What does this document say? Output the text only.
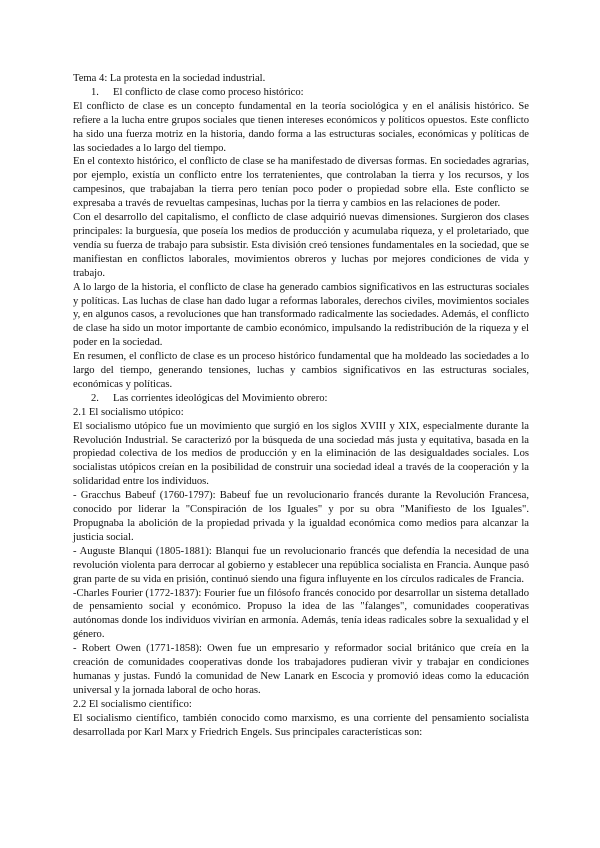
Tema 4: La protesta en la sociedad industrial.
1. El conflicto de clase como proceso histórico:
El conflicto de clase es un concepto fundamental en la teoría sociológica y en el análisis histórico. Se refiere a la lucha entre grupos sociales que tienen intereses económicos y políticos opuestos. Este conflicto ha sido una fuerza motriz en la historia, dando forma a las estructuras sociales, económicas y políticas de las sociedades a lo largo del tiempo.
En el contexto histórico, el conflicto de clase se ha manifestado de diversas formas. En sociedades agrarias, por ejemplo, existía un conflicto entre los terratenientes, que controlaban la tierra y los recursos, y los campesinos, que trabajaban la tierra pero tenían poco poder o propiedad sobre ella. Este conflicto se expresaba a través de revueltas campesinas, luchas por la tierra y cambios en las relaciones de poder.
Con el desarrollo del capitalismo, el conflicto de clase adquirió nuevas dimensiones. Surgieron dos clases principales: la burguesía, que poseía los medios de producción y acumulaba riqueza, y el proletariado, que vendía su fuerza de trabajo para subsistir. Esta división creó tensiones fundamentales en la sociedad, que se manifiestan en conflictos laborales, movimientos obreros y luchas por mejores condiciones de vida y trabajo.
A lo largo de la historia, el conflicto de clase ha generado cambios significativos en las estructuras sociales y políticas. Las luchas de clase han dado lugar a reformas laborales, derechos civiles, movimientos sociales y, en algunos casos, a revoluciones que han transformado radicalmente las sociedades. Además, el conflicto de clase ha sido un motor importante de cambio económico, impulsando la redistribución de la riqueza y el poder en la sociedad.
En resumen, el conflicto de clase es un proceso histórico fundamental que ha moldeado las sociedades a lo largo del tiempo, generando tensiones, luchas y cambios significativos en las estructuras sociales, económicas y políticas.
2. Las corrientes ideológicas del Movimiento obrero:
2.1 El socialismo utópico:
El socialismo utópico fue un movimiento que surgió en los siglos XVIII y XIX, especialmente durante la Revolución Industrial. Se caracterizó por la búsqueda de una sociedad más justa y equitativa, basada en la propiedad colectiva de los medios de producción y en la eliminación de las desigualdades sociales. Los socialistas utópicos creían en la posibilidad de construir una sociedad ideal a través de la cooperación y la solidaridad entre los individuos.
- Gracchus Babeuf (1760-1797): Babeuf fue un revolucionario francés durante la Revolución Francesa, conocido por liderar la "Conspiración de los Iguales" y por su obra "Manifiesto de los Iguales". Propugnaba la abolición de la propiedad privada y la igualdad económica como medios para alcanzar la justicia social.
- Auguste Blanqui (1805-1881): Blanqui fue un revolucionario francés que defendía la necesidad de una revolución violenta para derrocar al gobierno y establecer una república socialista en Francia. Aunque pasó gran parte de su vida en prisión, continuó siendo una figura influyente en los círculos radicales de Francia.
-Charles Fourier (1772-1837): Fourier fue un filósofo francés conocido por desarrollar un sistema detallado de pensamiento social y económico. Propuso la idea de las "falanges", comunidades cooperativas autónomas donde los individuos vivirían en armonía. Además, tenía ideas radicales sobre la sexualidad y el género.
- Robert Owen (1771-1858): Owen fue un empresario y reformador social británico que creía en la creación de comunidades cooperativas donde los trabajadores pudieran vivir y trabajar en condiciones humanas y justas. Fundó la comunidad de New Lanark en Escocia y promovió ideas como la educación universal y la jornada laboral de ocho horas.
2.2 El socialismo científico:
El socialismo científico, también conocido como marxismo, es una corriente del pensamiento socialista desarrollada por Karl Marx y Friedrich Engels. Sus principales características son:
